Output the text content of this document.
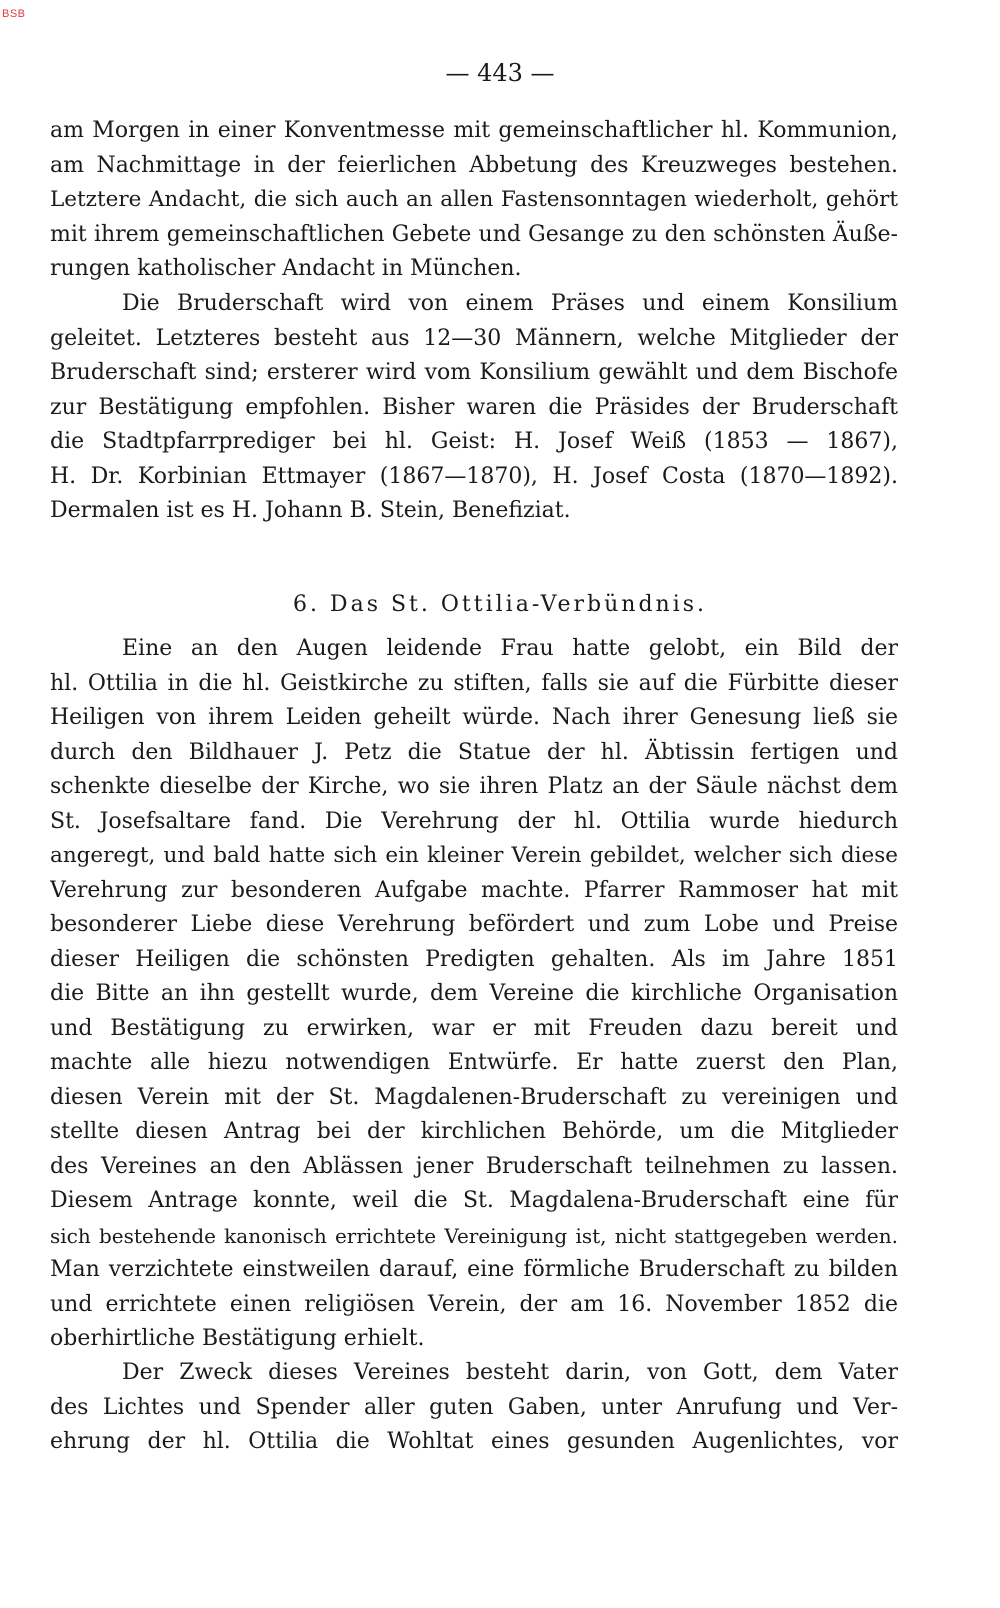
BSB
— 443 —
am Morgen in einer Konventmesse mit gemeinschaftlicher hl. Kommunion,
am Nachmittage in der feierlichen Abbetung des Kreuzweges bestehen.
Letztere Andacht, die sich auch an allen Fastensonntagen wiederholt, gehört
mit ihrem gemeinschaftlichen Gebete und Gesange zu den schönsten Äuße-
rungen katholischer Andacht in München.
Die Bruderschaft wird von einem Präses und einem Konsilium
geleitet. Letzteres besteht aus 12—30 Männern, welche Mitglieder der
Bruderschaft sind; ersterer wird vom Konsilium gewählt und dem Bischofe
zur Bestätigung empfohlen. Bisher waren die Präsides der Bruderschaft
die Stadtpfarrprediger bei hl. Geist: H. Josef Weiß (1853 — 1867),
H. Dr. Korbinian Ettmayer (1867—1870), H. Josef Costa (1870—1892).
Dermalen ist es H. Johann B. Stein, Benefiziat.
6. Das St. Ottilia-Verbündnis.
Eine an den Augen leidende Frau hatte gelobt, ein Bild der
hl. Ottilia in die hl. Geistkirche zu stiften, falls sie auf die Fürbitte dieser
Heiligen von ihrem Leiden geheilt würde. Nach ihrer Genesung ließ sie
durch den Bildhauer J. Petz die Statue der hl. Äbtissin fertigen und
schenkte dieselbe der Kirche, wo sie ihren Platz an der Säule nächst dem
St. Josefsaltare fand. Die Verehrung der hl. Ottilia wurde hiedurch
angeregt, und bald hatte sich ein kleiner Verein gebildet, welcher sich diese
Verehrung zur besonderen Aufgabe machte. Pfarrer Rammoser hat mit
besonderer Liebe diese Verehrung befördert und zum Lobe und Preise
dieser Heiligen die schönsten Predigten gehalten. Als im Jahre 1851
die Bitte an ihn gestellt wurde, dem Vereine die kirchliche Organisation
und Bestätigung zu erwirken, war er mit Freuden dazu bereit und
machte alle hiezu notwendigen Entwürfe. Er hatte zuerst den Plan,
diesen Verein mit der St. Magdalenen-Bruderschaft zu vereinigen und
stellte diesen Antrag bei der kirchlichen Behörde, um die Mitglieder
des Vereines an den Ablässen jener Bruderschaft teilnehmen zu lassen.
Diesem Antrage konnte, weil die St. Magdalena-Bruderschaft eine für
sich bestehende kanonisch errichtete Vereinigung ist, nicht stattgegeben werden.
Man verzichtete einstweilen darauf, eine förmliche Bruderschaft zu bilden
und errichtete einen religiösen Verein, der am 16. November 1852 die
oberhirtliche Bestätigung erhielt.
Der Zweck dieses Vereines besteht darin, von Gott, dem Vater
des Lichtes und Spender aller guten Gaben, unter Anrufung und Ver-
ehrung der hl. Ottilia die Wohltat eines gesunden Augenlichtes, vor
